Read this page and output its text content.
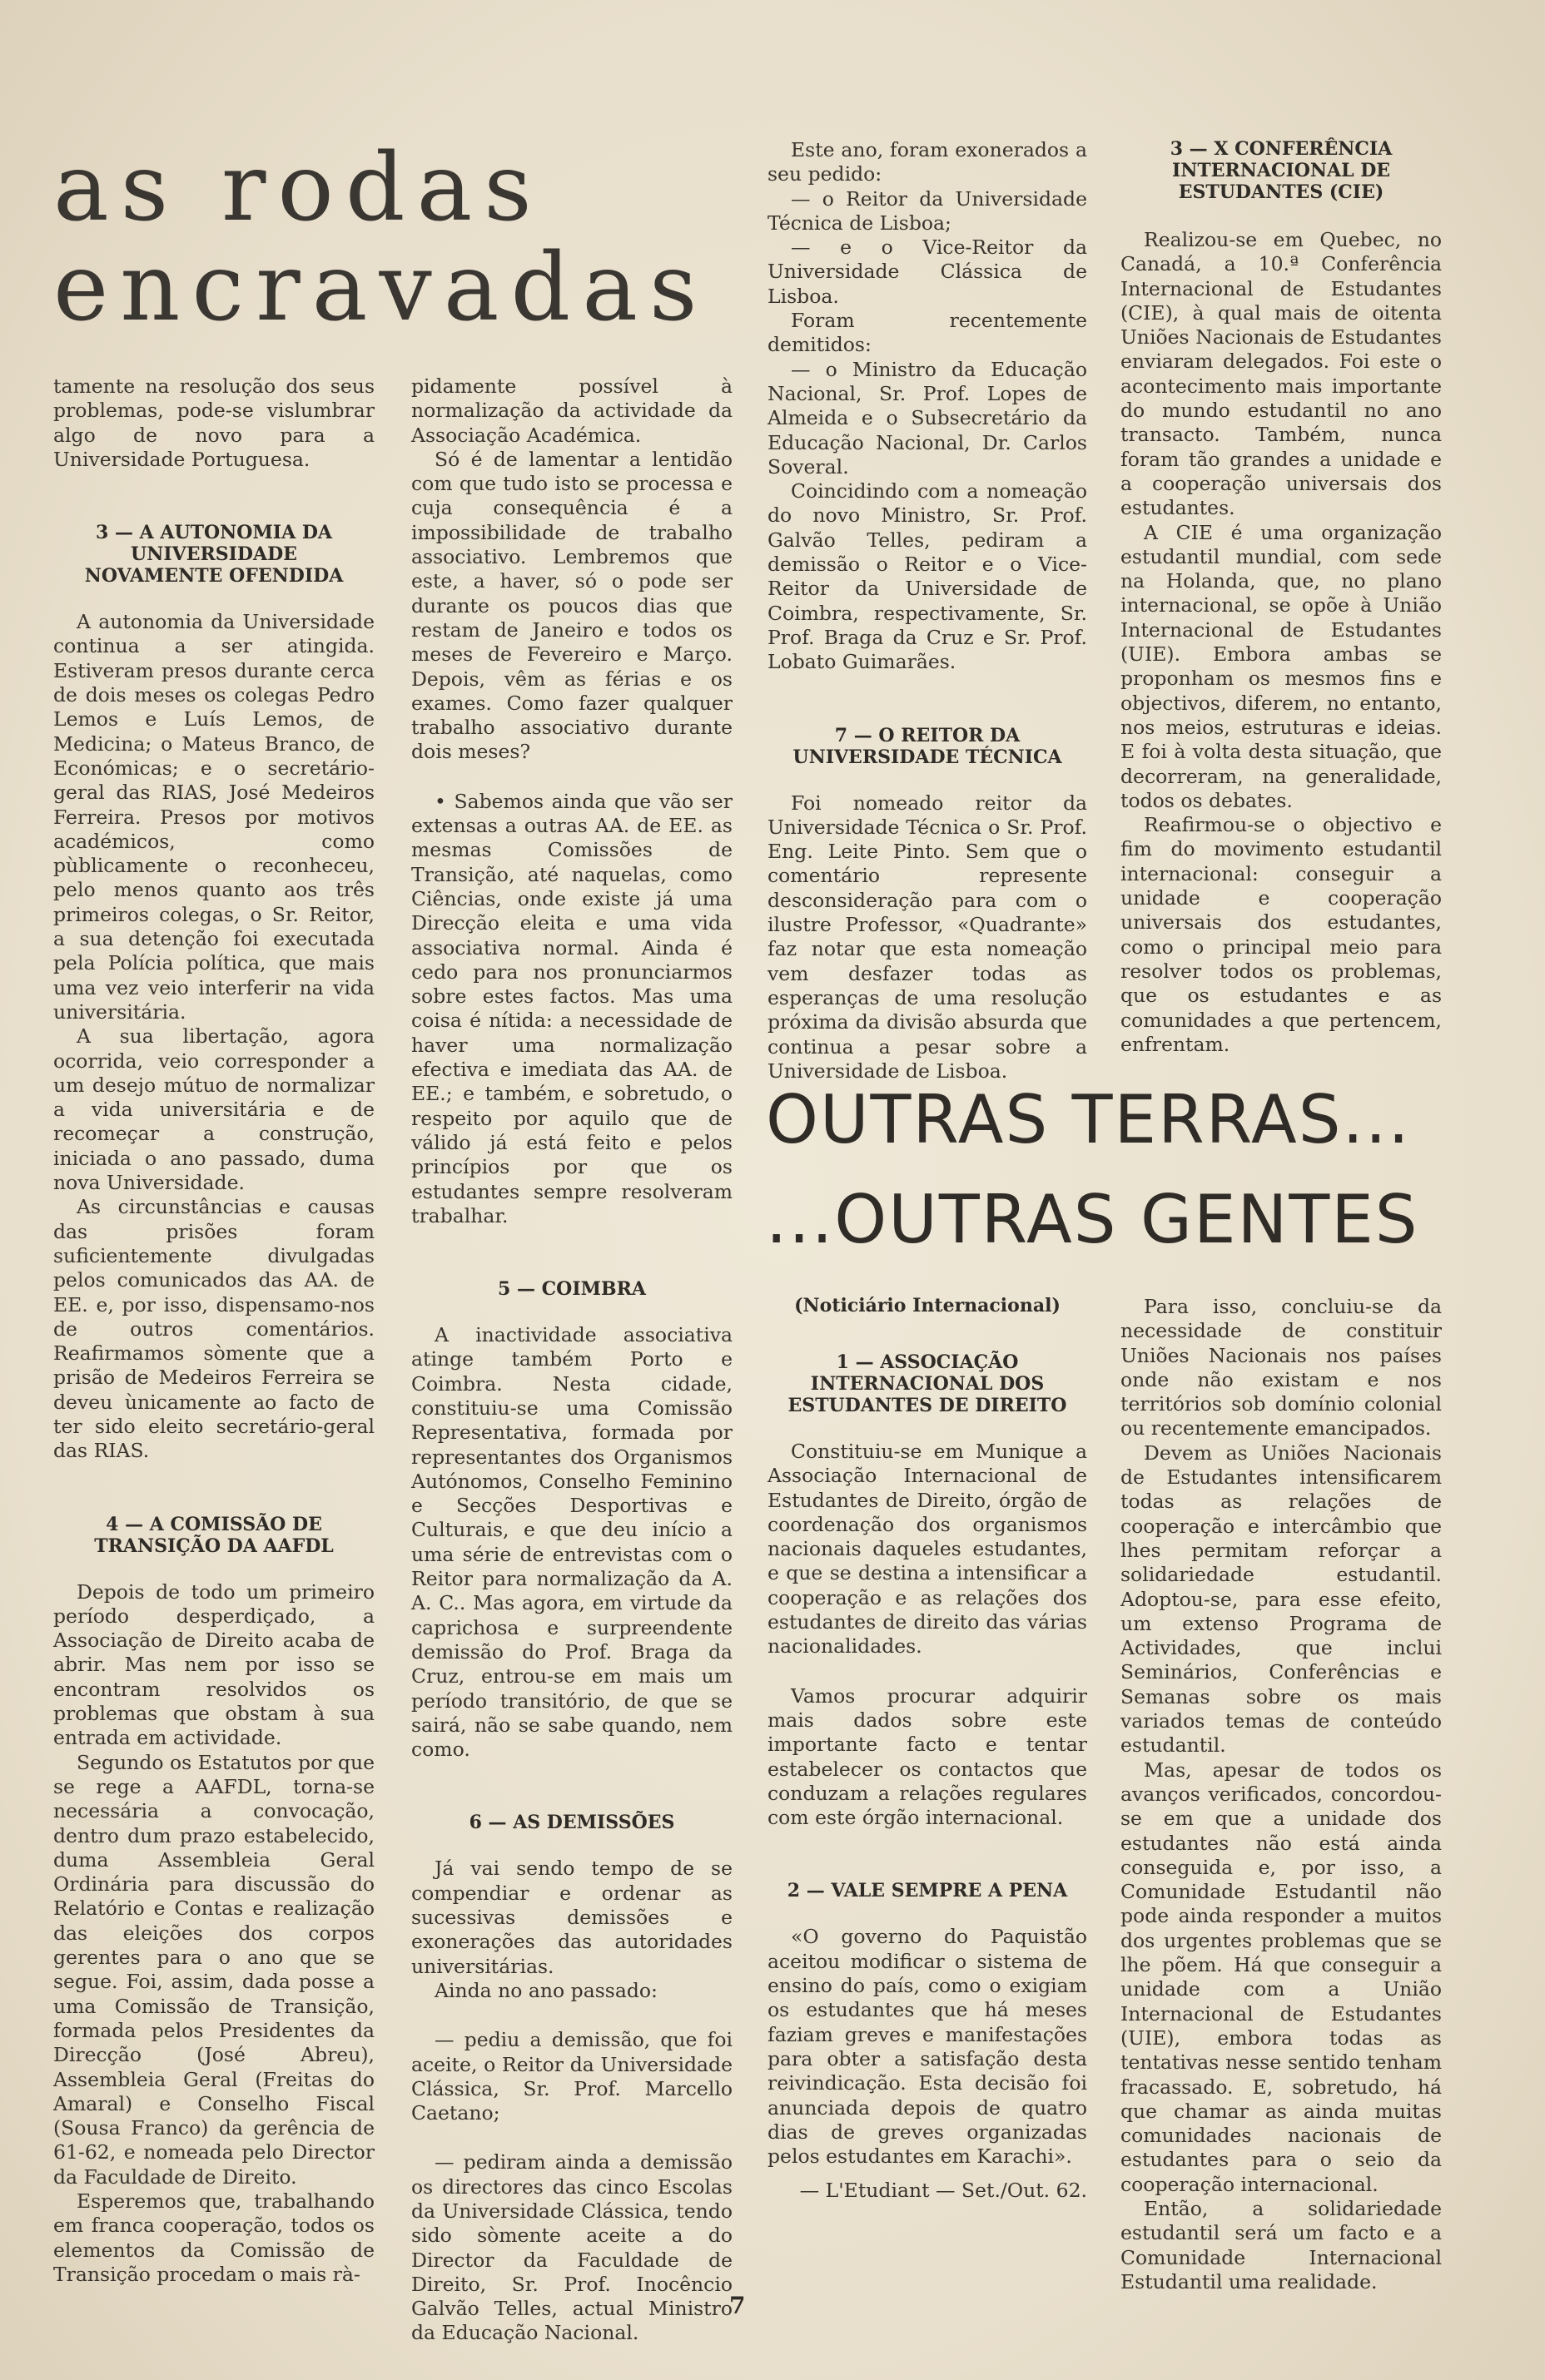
as rodas
encravadas

tamente na resolução dos seus problemas, pode-se vislumbrar algo de novo para a Universidade Portuguesa.

3 — A AUTONOMIA DA UNIVERSIDADE NOVAMENTE OFENDIDA

A autonomia da Universidade continua a ser atingida. Estiveram presos durante cerca de dois meses os colegas Pedro Lemos e Luís Lemos, de Medicina; o Mateus Branco, de Económicas; e o secretário-geral das RIAS, José Medeiros Ferreira. Presos por motivos académicos, como pùblicamente o reconheceu, pelo menos quanto aos três primeiros colegas, o Sr. Reitor, a sua detenção foi executada pela Polícia política, que mais uma vez veio interferir na vida universitária.

A sua libertação, agora ocorrida, veio corresponder a um desejo mútuo de normalizar a vida universitária e de recomeçar a construção, iniciada o ano passado, duma nova Universidade.

As circunstâncias e causas das prisões foram suficientemente divulgadas pelos comunicados das AA. de EE. e, por isso, dispensamo-nos de outros comentários. Reafirmamos sòmente que a prisão de Medeiros Ferreira se deveu ùnicamente ao facto de ter sido eleito secretário-geral das RIAS.

4 — A COMISSÃO DE TRANSIÇÃO DA AAFDL

Depois de todo um primeiro período desperdiçado, a Associação de Direito acaba de abrir. Mas nem por isso se encontram resolvidos os problemas que obstam à sua entrada em actividade.

Segundo os Estatutos por que se rege a AAFDL, torna-se necessária a convocação, dentro dum prazo estabelecido, duma Assembleia Geral Ordinária para discussão do Relatório e Contas e realização das eleições dos corpos gerentes para o ano que se segue. Foi, assim, dada posse a uma Comissão de Transição, formada pelos Presidentes da Direcção (José Abreu), Assembleia Geral (Freitas do Amaral) e Conselho Fiscal (Sousa Franco) da gerência de 61-62, e nomeada pelo Director da Faculdade de Direito.

Esperemos que, trabalhando em franca cooperação, todos os elementos da Comissão de Transição procedam o mais rà-

pidamente possível à normalização da actividade da Associação Académica.

Só é de lamentar a lentidão com que tudo isto se processa e cuja consequência é a impossibilidade de trabalho associativo. Lembremos que este, a haver, só o pode ser durante os poucos dias que restam de Janeiro e todos os meses de Fevereiro e Março. Depois, vêm as férias e os exames. Como fazer qualquer trabalho associativo durante dois meses?

• Sabemos ainda que vão ser extensas a outras AA. de EE. as mesmas Comissões de Transição, até naquelas, como Ciências, onde existe já uma Direcção eleita e uma vida associativa normal. Ainda é cedo para nos pronunciarmos sobre estes factos. Mas uma coisa é nítida: a necessidade de haver uma normalização efectiva e imediata das AA. de EE.; e também, e sobretudo, o respeito por aquilo que de válido já está feito e pelos princípios por que os estudantes sempre resolveram trabalhar.

5 — COIMBRA

A inactividade associativa atinge também Porto e Coimbra. Nesta cidade, constituiu-se uma Comissão Representativa, formada por representantes dos Organismos Autónomos, Conselho Feminino e Secções Desportivas e Culturais, e que deu início a uma série de entrevistas com o Reitor para normalização da A. A. C.. Mas agora, em virtude da caprichosa e surpreendente demissão do Prof. Braga da Cruz, entrou-se em mais um período transitório, de que se sairá, não se sabe quando, nem como.

6 — AS DEMISSÕES

Já vai sendo tempo de se compendiar e ordenar as sucessivas demissões e exonerações das autoridades universitárias.

Ainda no ano passado:

— pediu a demissão, que foi aceite, o Reitor da Universidade Clássica, Sr. Prof. Marcello Caetano;

— pediram ainda a demissão os directores das cinco Escolas da Universidade Clássica, tendo sido sòmente aceite a do Director da Faculdade de Direito, Sr. Prof. Inocêncio Galvão Telles, actual Ministro da Educação Nacional.

Este ano, foram exonerados a seu pedido:

— o Reitor da Universidade Técnica de Lisboa;

— e o Vice-Reitor da Universidade Clássica de Lisboa.

Foram recentemente demitidos:

— o Ministro da Educação Nacional, Sr. Prof. Lopes de Almeida e o Subsecretário da Educação Nacional, Dr. Carlos Soveral.

Coincidindo com a nomeação do novo Ministro, Sr. Prof. Galvão Telles, pediram a demissão o Reitor e o Vice-Reitor da Universidade de Coimbra, respectivamente, Sr. Prof. Braga da Cruz e Sr. Prof. Lobato Guimarães.

7 — O REITOR DA UNIVERSIDADE TÉCNICA

Foi nomeado reitor da Universidade Técnica o Sr. Prof. Eng. Leite Pinto. Sem que o comentário represente desconsideração para com o ilustre Professor, «Quadrante» faz notar que esta nomeação vem desfazer todas as esperanças de uma resolução próxima da divisão absurda que continua a pesar sobre a Universidade de Lisboa.

3 — X CONFERÊNCIA INTERNACIONAL DE ESTUDANTES (CIE)

Realizou-se em Quebec, no Canadá, a 10.ª Conferência Internacional de Estudantes (CIE), à qual mais de oitenta Uniões Nacionais de Estudantes enviaram delegados. Foi este o acontecimento mais importante do mundo estudantil no ano transacto. Também, nunca foram tão grandes a unidade e a cooperação universais dos estudantes.

A CIE é uma organização estudantil mundial, com sede na Holanda, que, no plano internacional, se opõe à União Internacional de Estudantes (UIE). Embora ambas se proponham os mesmos fins e objectivos, diferem, no entanto, nos meios, estruturas e ideias. E foi à volta desta situação, que decorreram, na generalidade, todos os debates.

Reafirmou-se o objectivo e fim do movimento estudantil internacional: conseguir a unidade e cooperação universais dos estudantes, como o principal meio para resolver todos os problemas, que os estudantes e as comunidades a que pertencem, enfrentam.

OUTRAS TERRAS...
...OUTRAS GENTES
(Noticiário Internacional)
1 — ASSOCIAÇÃO INTERNACIONAL DOS ESTUDANTES DE DIREITO

Constituiu-se em Munique a Associação Internacional de Estudantes de Direito, órgão de coordenação dos organismos nacionais daqueles estudantes, e que se destina a intensificar a cooperação e as relações dos estudantes de direito das várias nacionalidades.

Vamos procurar adquirir mais dados sobre este importante facto e tentar estabelecer os contactos que conduzam a relações regulares com este órgão internacional.

2 — VALE SEMPRE A PENA

«O governo do Paquistão aceitou modificar o sistema de ensino do país, como o exigiam os estudantes que há meses faziam greves e manifestações para obter a satisfação desta reivindicação. Esta decisão foi anunciada depois de quatro dias de greves organizadas pelos estudantes em Karachi».

— L'Etudiant — Set./Out. 62.

Para isso, concluiu-se da necessidade de constituir Uniões Nacionais nos países onde não existam e nos territórios sob domínio colonial ou recentemente emancipados.

Devem as Uniões Nacionais de Estudantes intensificarem todas as relações de cooperação e intercâmbio que lhes permitam reforçar a solidariedade estudantil. Adoptou-se, para esse efeito, um extenso Programa de Actividades, que inclui Seminários, Conferências e Semanas sobre os mais variados temas de conteúdo estudantil.

Mas, apesar de todos os avanços verificados, concordou-se em que a unidade dos estudantes não está ainda conseguida e, por isso, a Comunidade Estudantil não pode ainda responder a muitos dos urgentes problemas que se lhe põem. Há que conseguir a unidade com a União Internacional de Estudantes (UIE), embora todas as tentativas nesse sentido tenham fracassado. E, sobretudo, há que chamar as ainda muitas comunidades nacionais de estudantes para o seio da cooperação internacional.

Então, a solidariedade estudantil será um facto e a Comunidade Internacional Estudantil uma realidade.

7
